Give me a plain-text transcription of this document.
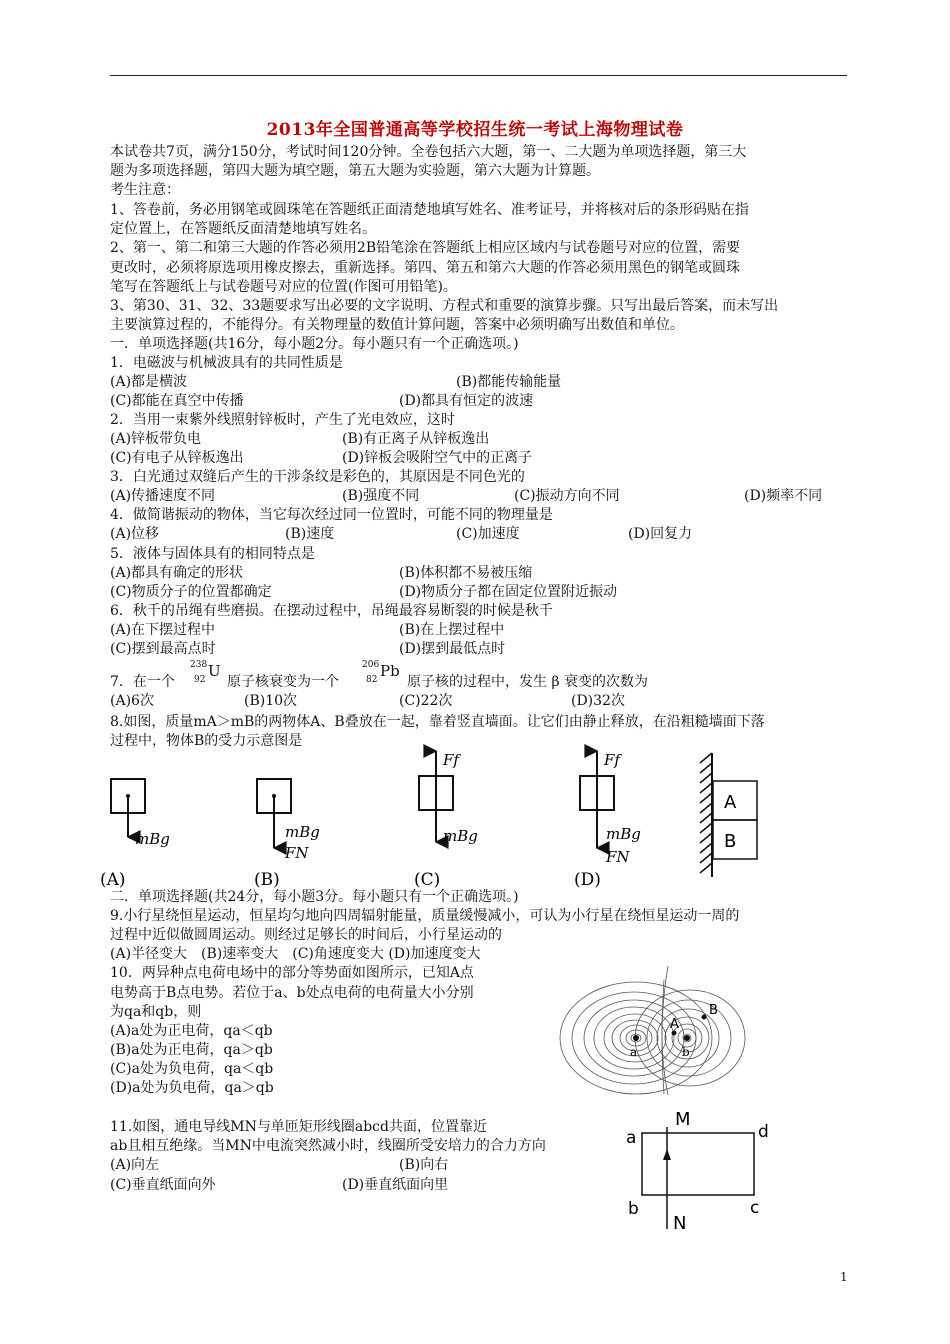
2013年全国普通高等学校招生统一考试上海物理试卷
本试卷共7页，满分150分，考试时间120分钟。全卷包括六大题，第一、二大题为单项选择题，第三大
题为多项选择题，第四大题为填空题，第五大题为实验题，第六大题为计算题。
考生注意：
1、答卷前，务必用钢笔或圆珠笔在答题纸正面清楚地填写姓名、准考证号，并将核对后的条形码贴在指
定位置上，在答题纸反面清楚地填写姓名。
2、第一、第二和第三大题的作答必须用2B铅笔涂在答题纸上相应区域内与试卷题号对应的位置，需要
更改时，必须将原选项用橡皮擦去，重新选择。第四、第五和第六大题的作答必须用黑色的钢笔或圆珠
笔写在答题纸上与试卷题号对应的位置(作图可用铅笔)。
3、第30、31、32、33题要求写出必要的文字说明、方程式和重要的演算步骤。只写出最后答案，而未写出
主要演算过程的，不能得分。有关物理量的数值计算问题，答案中必须明确写出数值和单位。
一．单项选择题(共16分，每小题2分。每小题只有一个正确选项。)
1．电磁波与机械波具有的共同性质是
(A)都是横波	(B)都能传输能量
(C)都能在真空中传播	(D)都具有恒定的波速
2．当用一束紫外线照射锌板时，产生了光电效应，这时
(A)锌板带负电	(B)有正离子从锌板逸出
(C)有电子从锌板逸出	(D)锌板会吸附空气中的正离子
3．白光通过双缝后产生的干涉条纹是彩色的，其原因是不同色光的
(A)传播速度不同	(B)强度不同	(C)振动方向不同	(D)频率不同
4．做简谐振动的物体，当它每次经过同一位置时，可能不同的物理量是
(A)位移	(B)速度	(C)加速度	(D)回复力
5．液体与固体具有的相同特点是
(A)都具有确定的形状	(B)体积都不易被压缩
(C)物质分子的位置都确定	(D)物质分子都在固定位置附近振动
6．秋千的吊绳有些磨损。在摆动过程中，吊绳最容易断裂的时候是秋千
(A)在下摆过程中	(B)在上摆过程中
(C)摆到最高点时	(D)摆到最低点时
7．在一个
238
92 U
原子核衰变为一个
206
82 Pb
原子核的过程中，发生 β 衰变的次数为
(A)6次	(B)10次	(C)22次	(D)32次
8.如图，质量mA＞mB的两物体A、B叠放在一起，靠着竖直墙面。让它们由静止释放，在沿粗糙墙面下落
过程中，物体B的受力示意图是
mBg
(A)
mBg
FN
(B)
Ff
mBg
(C)
Ff
mBg
FN
(D)
A
B
二．单项选择题(共24分，每小题3分。每小题只有一个正确选项。)
9.小行星绕恒星运动，恒星均匀地向四周辐射能量，质量缓慢减小，可认为小行星在绕恒星运动一周的
过程中近似做圆周运动。则经过足够长的时间后，小行星运动的
(A)半径变大　(B)速率变大　(C)角速度变大 (D)加速度变大
10．两异种点电荷电场中的部分等势面如图所示，已知A点
电势高于B点电势。若位于a、b处点电荷的电荷量大小分别
为qa和qb，则
(A)a处为正电荷，qa＜qb
(B)a处为正电荷，qa＞qb
(C)a处为负电荷，qa＜qb
(D)a处为负电荷，qa＞qb
B
A
a	b
11.如图，通电导线MN与单匝矩形线圈abcd共面，位置靠近
ab且相互绝缘。当MN中电流突然减小时，线圈所受安培力的合力方向
(A)向左	(B)向右
(C)垂直纸面向外	(D)垂直纸面向里
M
N
a	d
b	c
1
